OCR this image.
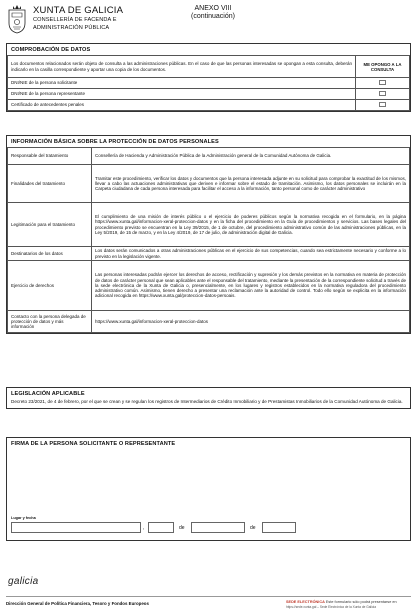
XUNTA DE GALICIA
CONSELLERÍA DE FACENDA E
ADMINISTRACIÓN PÚBLICA
ANEXO VIII
(continuación)
COMPROBACIÓN DE DATOS
Los documentos relacionados serán objeto de consulta a las administraciones públicas. En el caso de que las personas interesadas se opongan a esta consulta, deberán indicarlo en la casilla correspondiente y aportar una copia de los documentos.	ME OPONGO A LA CONSULTA
DNI/NIE de la persona solicitante	
DNI/NIE de la persona representante	
Certificado de antecedentes penales	
INFORMACIÓN BÁSICA SOBRE LA PROTECCIÓN DE DATOS PERSONALES
Responsable del tratamiento	Consellería de Hacienda y Administración Pública de la Administración general de la Comunidad Autónoma de Galicia.
Finalidades del tratamiento	Tramitar este procedimiento, verificar los datos y documentos que la persona interesada adjunte en su solicitud para comprobar la exactitud de los mismos, llevar a cabo las actuaciones administrativas que deriven e informar sobre el estado de tramitación. Asimismo, los datos personales se incluirán en la Carpeta ciudadana de cada persona interesada para facilitar el acceso a la información, tanto personal como de carácter administrativo
Legitimación para el tratamiento	El cumplimiento de una misión de interés público o el ejercicio de poderes públicos según la normativa recogida en el formulario, en la página https://www.xunta.gal/informacion-xeral-proteccion-datos y en la ficha del procedimiento en la Guía de procedimientos y servicios. Las bases legales del procedimiento previsto se encuentran en la Ley 39/2015, de 1 de octubre, del procedimiento administrativo común de las administraciones públicas, en la Ley 5/2019, de 15 de marzo, y en la Ley 4/2019, de 17 de julio, de administración digital de Galicia.
Destinatarios de los datos	Los datos serán comunicados a otras administraciones públicas en el ejercicio de sus competencias, cuando sea estrictamente necesario y conforme a lo previsto en la legislación vigente.
Ejercicio de derechos	Las personas interesadas podrán ejercer los derechos de acceso, rectificación y supresión y los demás previstos en la normativa en materia de protección de datos de carácter personal que sean aplicables ante el responsable del tratamiento, mediante la presentación de la correspondiente solicitud a través de la sede electrónica de la Xunta de Galicia o, presencialmente, en los lugares y registros establecidos en la normativa reguladora del procedimiento administrativo común. Asimismo, tienen derecho a presentar una reclamación ante la autoridad de control. Todo ello según se explicita en la información adicional recogida en https://www.xunta.gal/proteccion-datos-persoais.
Contacto con la persona delegada de protección de datos y más información	https://www.xunta.gal/informacion-xeral-proteccion-datos
LEGISLACIÓN APLICABLE
Decreto 23/2021, de 4 de febrero, por el que se crean y se regulan los registros de Intermediarios de Crédito Inmobiliario y de Prestamistas Inmobiliarios de la Comunidad Autónoma de Galicia.
FIRMA DE LA PERSONA SOLICITANTE O REPRESENTANTE
Lugar y fecha
,	de	de
galicia
Dirección General de Política Financiera, Tesoro y Fondos Europeos	SEDE ELECTRÓNICA Este formulario sólo podrá presentarse en
https://sede.xunta.gal – Sede Electrónica de la Xunta de Galicia
